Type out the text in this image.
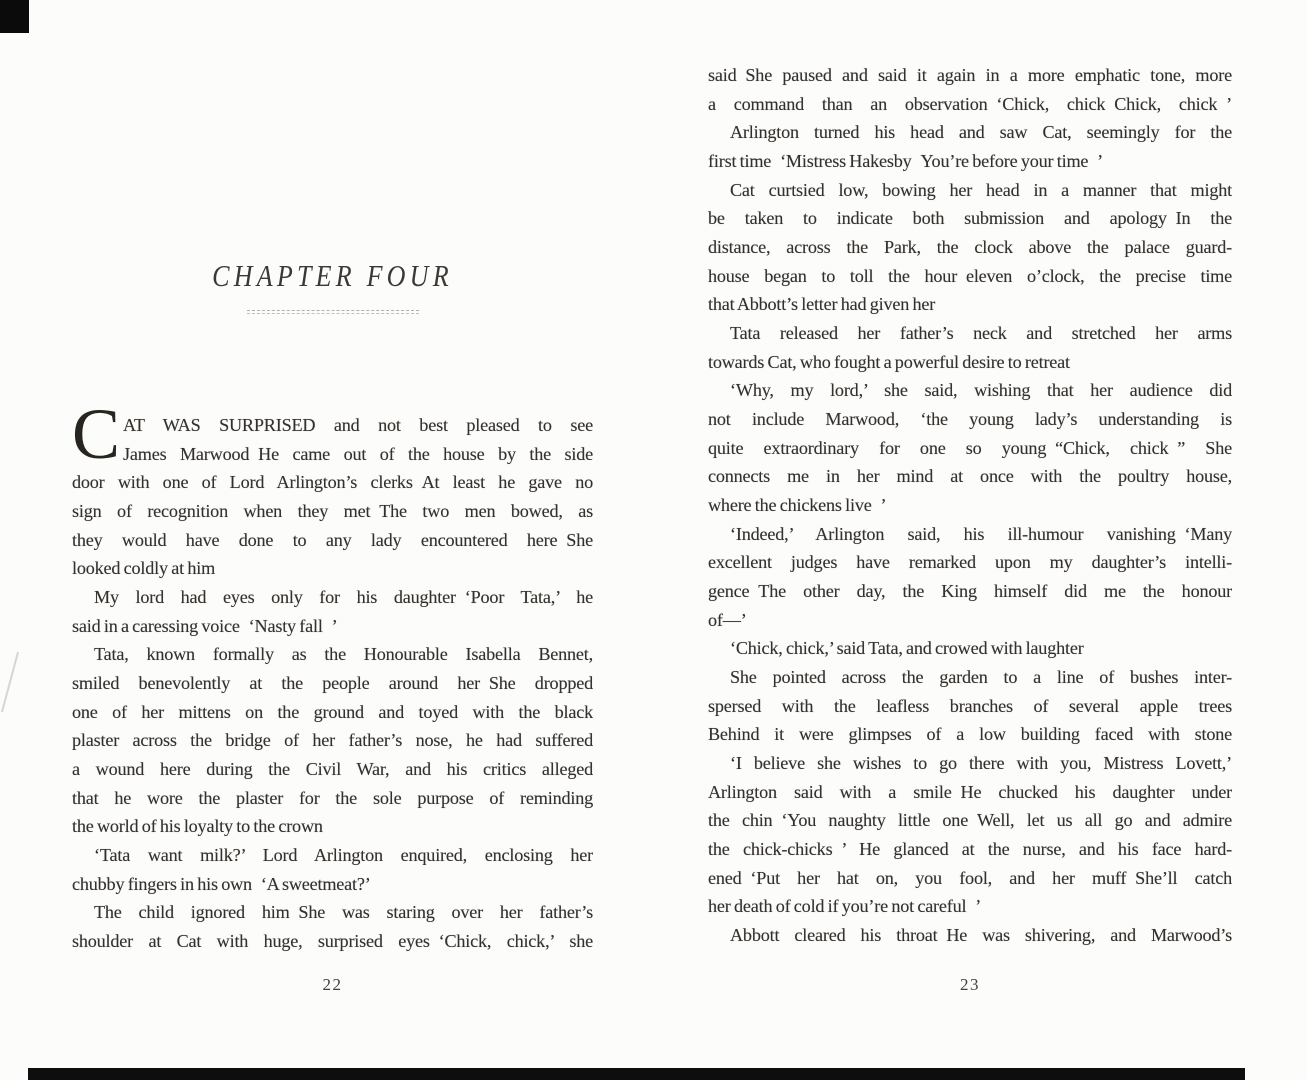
CHAPTER FOUR
C AT WAS SURPRISED and not best pleased to see
James Marwood He came out of the house by the side
door with one of Lord Arlington’s clerks At least he gave no
sign of recognition when they met The two men bowed, as
they would have done to any lady encountered here She
looked coldly at him
My lord had eyes only for his daughter ‘Poor Tata,’ he
said in a caressing voice ‘Nasty fall ’
Tata, known formally as the Honourable Isabella Bennet,
smiled benevolently at the people around her She dropped
one of her mittens on the ground and toyed with the black
plaster across the bridge of her father’s nose, he had suffered
a wound here during the Civil War, and his critics alleged
that he wore the plaster for the sole purpose of reminding
the world of his loyalty to the crown
‘Tata want milk?’ Lord Arlington enquired, enclosing her
chubby fingers in his own ‘A sweetmeat?’
The child ignored him She was staring over her father’s
shoulder at Cat with huge, surprised eyes ‘Chick, chick,’ she
22
said She paused and said it again in a more emphatic tone, more
a command than an observation ‘Chick, chick Chick, chick ’
Arlington turned his head and saw Cat, seemingly for the
first time ‘Mistress Hakesby You’re before your time ’
Cat curtsied low, bowing her head in a manner that might
be taken to indicate both submission and apology In the
distance, across the Park, the clock above the palace guard-
house began to toll the hour eleven o’clock, the precise time
that Abbott’s letter had given her
Tata released her father’s neck and stretched her arms
towards Cat, who fought a powerful desire to retreat
‘Why, my lord,’ she said, wishing that her audience did
not include Marwood, ‘the young lady’s understanding is
quite extraordinary for one so young “Chick, chick ” She
connects me in her mind at once with the poultry house,
where the chickens live ’
‘Indeed,’ Arlington said, his ill-humour vanishing ‘Many
excellent judges have remarked upon my daughter’s intelli-
gence The other day, the King himself did me the honour
of—’
‘Chick, chick,’ said Tata, and crowed with laughter
She pointed across the garden to a line of bushes inter-
spersed with the leafless branches of several apple trees
Behind it were glimpses of a low building faced with stone
‘I believe she wishes to go there with you, Mistress Lovett,’
Arlington said with a smile He chucked his daughter under
the chin ‘You naughty little one Well, let us all go and admire
the chick-chicks ’ He glanced at the nurse, and his face hard-
ened ‘Put her hat on, you fool, and her muff She’ll catch
her death of cold if you’re not careful ’
Abbott cleared his throat He was shivering, and Marwood’s
23
